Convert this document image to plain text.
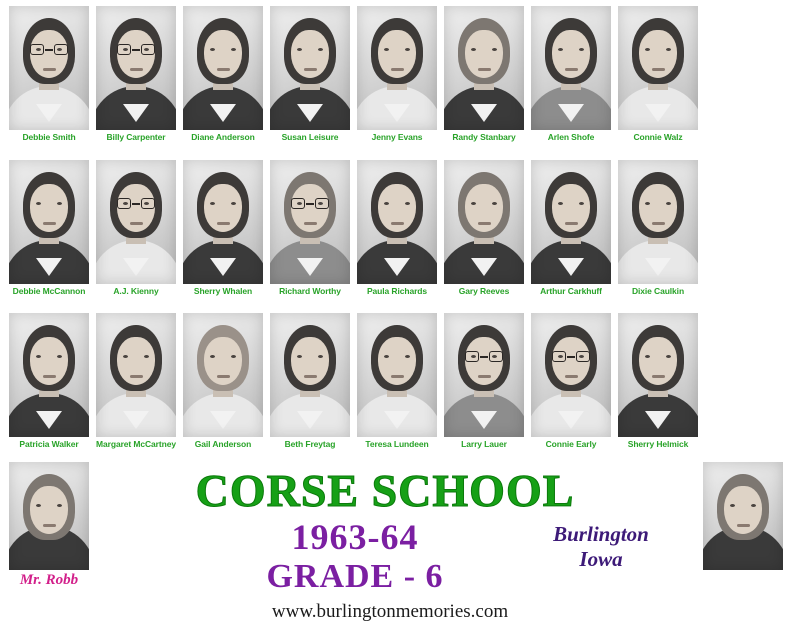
Debbie Smith	Billy Carpenter	Diane Anderson	Susan Leisure	Jenny Evans	Randy Stanbary	Arlen Shofe	Connie Walz
Debbie McCannon	A.J. Kienny	Sherry Whalen	Richard Worthy	Paula Richards	Gary Reeves	Arthur Carkhuff	Dixie Caulkin
Patricia Walker	Margaret McCartney	Gail Anderson	Beth Freytag	Teresa Lundeen	Larry Lauer	Connie Early	Sherry Helmick
Mr. Robb
CORSE SCHOOL
1963-64
GRADE - 6
www.burlingtonmemories.com
Burlington
Iowa
